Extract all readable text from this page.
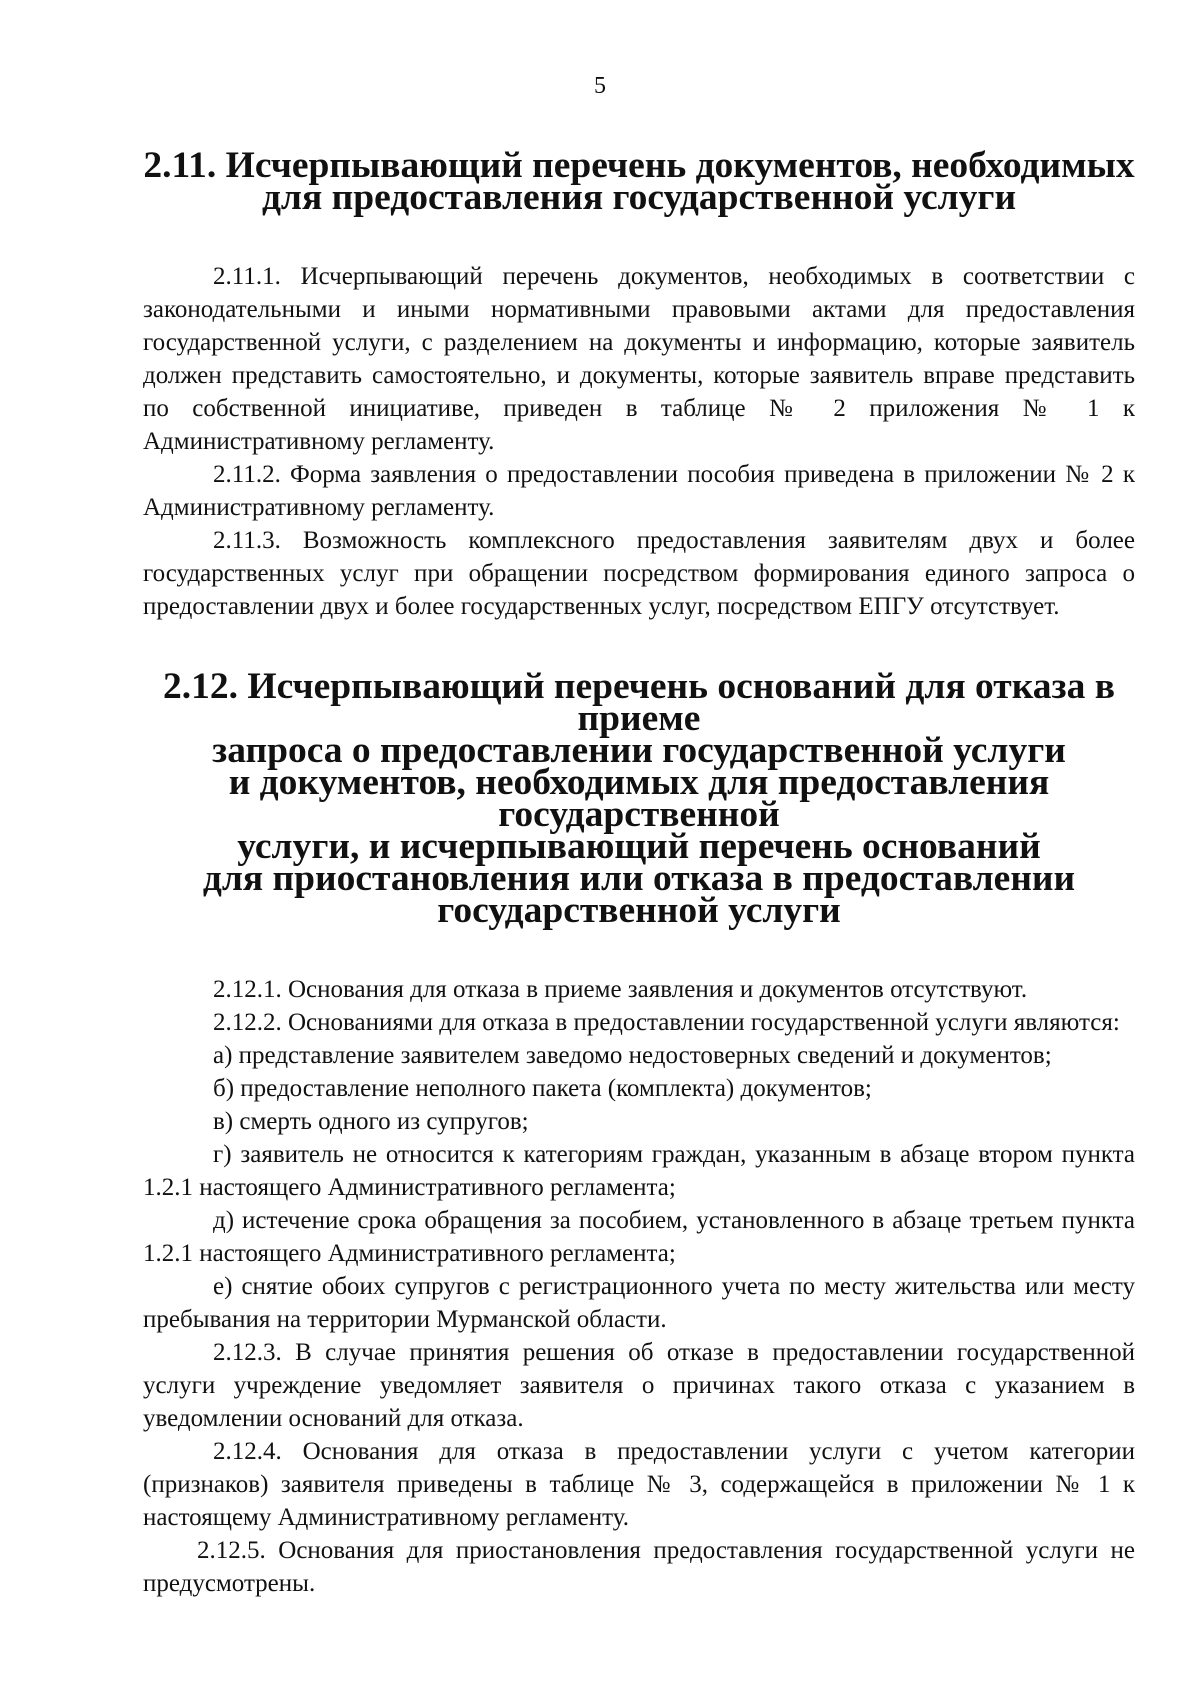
5
2.11. Исчерпывающий перечень документов, необходимых
для предоставления государственной услуги

2.11.1. Исчерпывающий перечень документов, необходимых в соответствии с законодательными и иными нормативными правовыми актами для предоставления государственной услуги, с разделением на документы и информацию, которые заявитель должен представить самостоятельно, и документы, которые заявитель вправе представить по собственной инициативе, приведен в таблице № 2 приложения № 1 к Административному регламенту.

2.11.2. Форма заявления о предоставлении пособия приведена в приложении № 2 к Административному регламенту.

2.11.3. Возможность комплексного предоставления заявителям двух и более государственных услуг при обращении посредством формирования единого запроса о предоставлении двух и более государственных услуг, посредством ЕПГУ отсутствует.

2.12. Исчерпывающий перечень оснований для отказа в приеме
запроса о предоставлении государственной услуги
и документов, необходимых для предоставления государственной
услуги, и исчерпывающий перечень оснований
для приостановления или отказа в предоставлении
государственной услуги

2.12.1. Основания для отказа в приеме заявления и документов отсутствуют.

2.12.2. Основаниями для отказа в предоставлении государственной услуги являются:

а) представление заявителем заведомо недостоверных сведений и документов;

б) предоставление неполного пакета (комплекта) документов;

в) смерть одного из супругов;

г) заявитель не относится к категориям граждан, указанным в абзаце втором пункта 1.2.1 настоящего Административного регламента;

д) истечение срока обращения за пособием, установленного в абзаце третьем пункта 1.2.1 настоящего Административного регламента;

е) снятие обоих супругов с регистрационного учета по месту жительства или месту пребывания на территории Мурманской области.

2.12.3. В случае принятия решения об отказе в предоставлении государственной услуги учреждение уведомляет заявителя о причинах такого отказа с указанием в уведомлении оснований для отказа.

2.12.4. Основания для отказа в предоставлении услуги с учетом категории (признаков) заявителя приведены в таблице № 3, содержащейся в приложении № 1 к настоящему Административному регламенту.

2.12.5. Основания для приостановления предоставления государственной услуги не предусмотрены.
